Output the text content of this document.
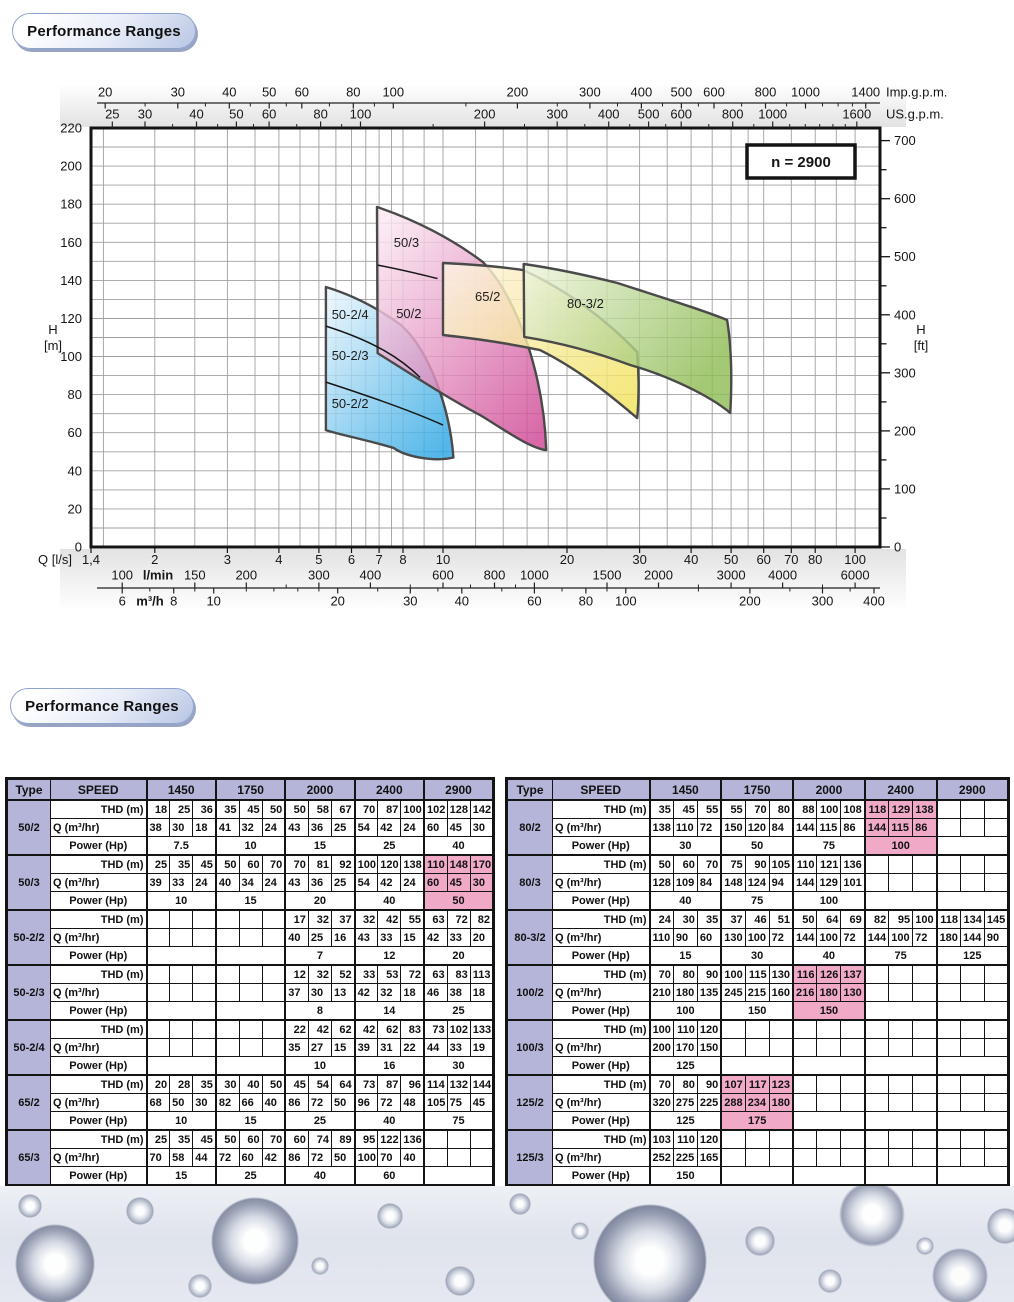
50/3
50/2
50-2/4
50-2/3
50-2/2
65/2	80-3/2
0
20
40
60
80
100
120
140
160
180
200
220
H
[m]
0
100
200
300
400
500
600
700
H
[ft]
1,4	2	3	4	5 6 7 8 10	20	30	40 50 60 70 80 100
Q [l/s]
100	150 200	300 400	600 800 1000	1500 2000	3000 4000	6000
l/min
6	8 10	20	30	40	60	80 100	200	300 400
m³/h
20	30	40 50 60	80 100	200	300 400 500 600 800 1000 1400 Imp.g.p.m.
25 30	40 50 60	80 100	200	300 400 500 600 800 1000	1600 US.g.p.m.
n = 2900
Performance Ranges
Performance Ranges
Type	SPEED	1450			1750			2000			2400			2900		
50/2	THD (m)	18	25	36	35	45	50	50	58	67	70	87	100	102	128	142
	Q (m³/hr)	38	30	18	41	32	24	43	36	25	54	42	24	60	45	30
	Power (Hp)	7.5			10			15			25			40		
50/3	THD (m)	25	35	45	50	60	70	70	81	92	100	120	138	110	148	170
	Q (m³/hr)	39	33	24	40	34	24	43	36	25	54	42	24	60	45	30
	Power (Hp)	10			15			20			40			50		
50-2/2	THD (m)							17	32	37	32	42	55	63	72	82
	Q (m³/hr)							40	25	16	43	33	15	42	33	20
	Power (Hp)							7			12			20		
50-2/3	THD (m)							12	32	52	33	53	72	63	83	113
	Q (m³/hr)							37	30	13	42	32	18	46	38	18
	Power (Hp)							8			14			25		
50-2/4	THD (m)							22	42	62	42	62	83	73	102	133
	Q (m³/hr)							35	27	15	39	31	22	44	33	19
	Power (Hp)							10			16			30		
65/2	THD (m)	20	28	35	30	40	50	45	54	64	73	87	96	114	132	144
	Q (m³/hr)	68	50	30	82	66	40	86	72	50	96	72	48	105	75	45
	Power (Hp)	10			15			25			40			75		
65/3	THD (m)	25	35	45	50	60	70	60	74	89	95	122	136			
	Q (m³/hr)	70	58	44	72	60	42	86	72	50	100	70	40			
	Power (Hp)	15			25			40			60					
Type	SPEED	1450			1750			2000			2400			2900		
80/2	THD (m)	35	45	55	55	70	80	88	100	108	118	129	138			
	Q (m³/hr)	138	110	72	150	120	84	144	115	86	144	115	86			
	Power (Hp)	30			50			75			100					
80/3	THD (m)	50	60	70	75	90	105	110	121	136						
	Q (m³/hr)	128	109	84	148	124	94	144	129	101						
	Power (Hp)	40			75			100								
80-3/2	THD (m)	24	30	35	37	46	51	50	64	69	82	95	100	118	134	145
	Q (m³/hr)	110	90	60	130	100	72	144	100	72	144	100	72	180	144	90
	Power (Hp)	15			30			40			75			125		
100/2	THD (m)	70	80	90	100	115	130	116	126	137						
	Q (m³/hr)	210	180	135	245	215	160	216	180	130						
	Power (Hp)	100			150			150								
100/3	THD (m)	100	110	120												
	Q (m³/hr)	200	170	150												
	Power (Hp)	125														
125/2	THD (m)	70	80	90	107	117	123									
	Q (m³/hr)	320	275	225	288	234	180									
	Power (Hp)	125			175											
125/3	THD (m)	103	110	120												
	Q (m³/hr)	252	225	165												
	Power (Hp)	150														
